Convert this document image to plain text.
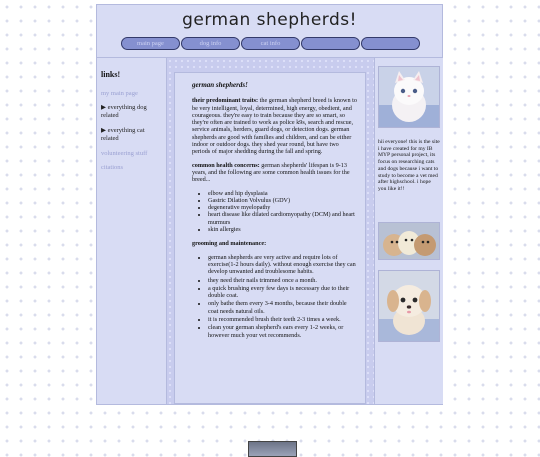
german shepherds!
main page	dog info	cat info
links!
my main page
▶ everything dog related
▶ everything cat related
volunteering stuff
citations
german shepherds!

their predominant traits: the german shepherd breed is known to be very intelligent, loyal, determined, high energy, obedient, and courageous. they're easy to train because they are so smart, so they're often are trained to work as police k9s, search and rescue, service animals, herders, guard dogs, or detection dogs. german shepherds are good with families and children, and can be either indoor or outdoor dogs. they shed year round, but have two periods of major shedding during the fall and spring.

common health concerns: german shepherds' lifespan is 9-13 years, and the following are some common health issues for the breed...

• elbow and hip dysplasia
• Gastric Dilation Volvulus (GDV)
• degenerative myelopathy
• heart disease like dilated cardiomyopathy (DCM) and heart murmurs
• skin allergies

grooming and maintenance:

• german shepherds are very active and require lots of exercise(1-2 hours daily). without enough exercise they can develop unwanted and troublesome habits.
• they need their nails trimmed once a month.
• a quick brushing every few days is necessary due to their double coat.
• only bathe them every 3-4 months, because their double coat needs natural oils.
• it is recommended brush their teeth 2-3 times a week.
• clean your german shepherd's ears every 1-2 weeks, or however much your vet recommends.
hii everyone! this is the site i have created for my IB MYP personal project, its focus on researching cats and dogs because i want to study to become a vet med after highschool. i hope you like it!!
